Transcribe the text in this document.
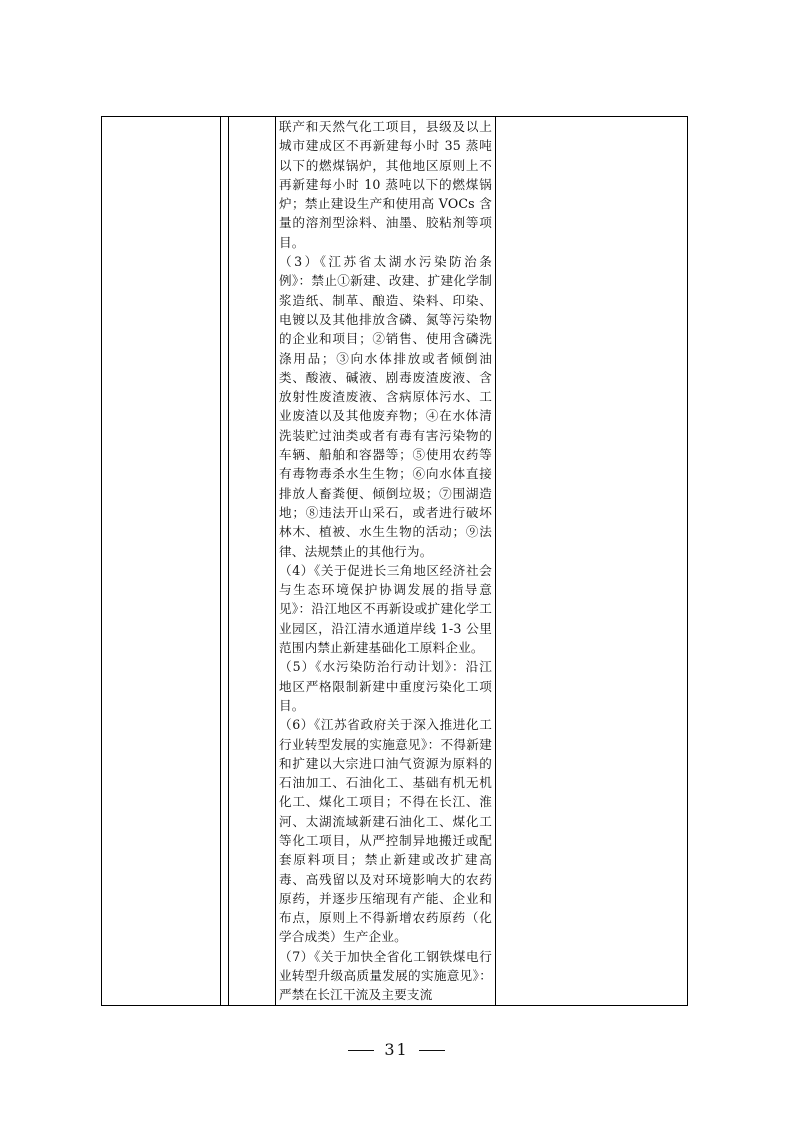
联产和天然气化工项目，县级及以上城市建成区不再新建每小时 35 蒸吨以下的燃煤锅炉，其他地区原则上不再新建每小时 10 蒸吨以下的燃煤锅炉；禁止建设生产和使用高 VOCs 含量的溶剂型涂料、油墨、胶粘剂等项目。

（3）《江苏省太湖水污染防治条例》：禁止①新建、改建、扩建化学制浆造纸、制革、酿造、染料、印染、电镀以及其他排放含磷、氮等污染物的企业和项目；②销售、使用含磷洗涤用品；③向水体排放或者倾倒油类、酸液、碱液、剧毒废渣废液、含放射性废渣废液、含病原体污水、工业废渣以及其他废弃物；④在水体清洗装贮过油类或者有毒有害污染物的车辆、船舶和容器等；⑤使用农药等有毒物毒杀水生生物；⑥向水体直接排放人畜粪便、倾倒垃圾；⑦围湖造地；⑧违法开山采石，或者进行破坏林木、植被、水生生物的活动；⑨法律、法规禁止的其他行为。

（4）《关于促进长三角地区经济社会与生态环境保护协调发展的指导意见》：沿江地区不再新设或扩建化学工业园区，沿江清水通道岸线 1-3 公里范围内禁止新建基础化工原料企业。

（5）《水污染防治行动计划》：沿江地区严格限制新建中重度污染化工项目。

（6）《江苏省政府关于深入推进化工行业转型发展的实施意见》：不得新建和扩建以大宗进口油气资源为原料的石油加工、石油化工、基础有机无机化工、煤化工项目；不得在长江、淮河、太湖流域新建石油化工、煤化工等化工项目，从严控制异地搬迁或配套原料项目；禁止新建或改扩建高毒、高残留以及对环境影响大的农药原药，并逐步压缩现有产能、企业和布点，原则上不得新增农药原药（化学合成类）生产企业。

（7）《关于加快全省化工钢铁煤电行业转型升级高质量发展的实施意见》：严禁在长江干流及主要支流

31
